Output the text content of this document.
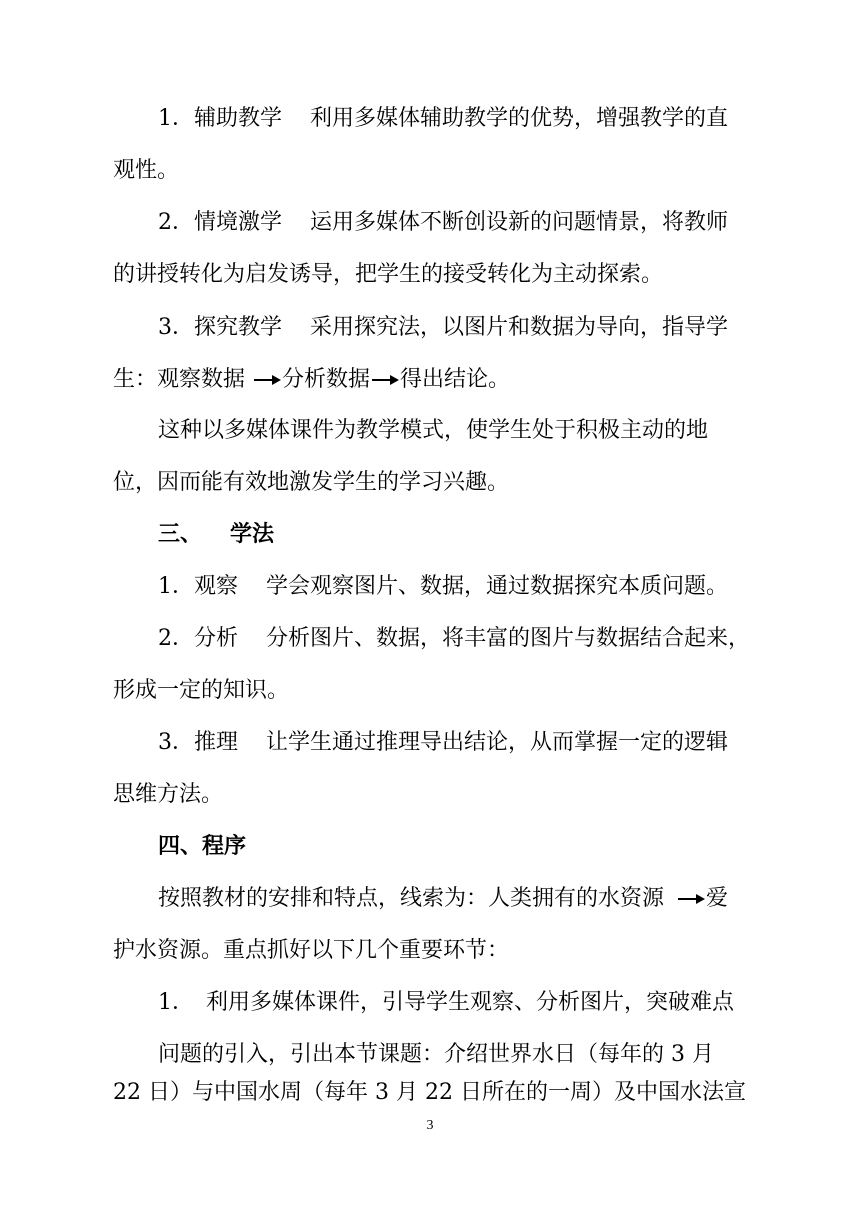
1．辅助教学 利用多媒体辅助教学的优势，增强教学的直
观性。
2．情境激学 运用多媒体不断创设新的问题情景，将教师
的讲授转化为启发诱导，把学生的接受转化为主动探索。
3．探究教学 采用探究法，以图片和数据为导向，指导学
生：观察数据 分析数据 得出结论。
这种以多媒体课件为教学模式，使学生处于积极主动的地
位，因而能有效地激发学生的学习兴趣。
三、 学法
1．观察 学会观察图片、数据，通过数据探究本质问题。
2．分析 分析图片、数据，将丰富的图片与数据结合起来，
形成一定的知识。
3．推理 让学生通过推理导出结论，从而掌握一定的逻辑
思维方法。
四、程序
按照教材的安排和特点，线索为：人类拥有的水资源 爱
护水资源。重点抓好以下几个重要环节：
1． 利用多媒体课件，引导学生观察、分析图片，突破难点
问题的引入，引出本节课题：介绍世界水日（每年的 3 月
22 日）与中国水周（每年 3 月 22 日所在的一周）及中国水法宣
3
